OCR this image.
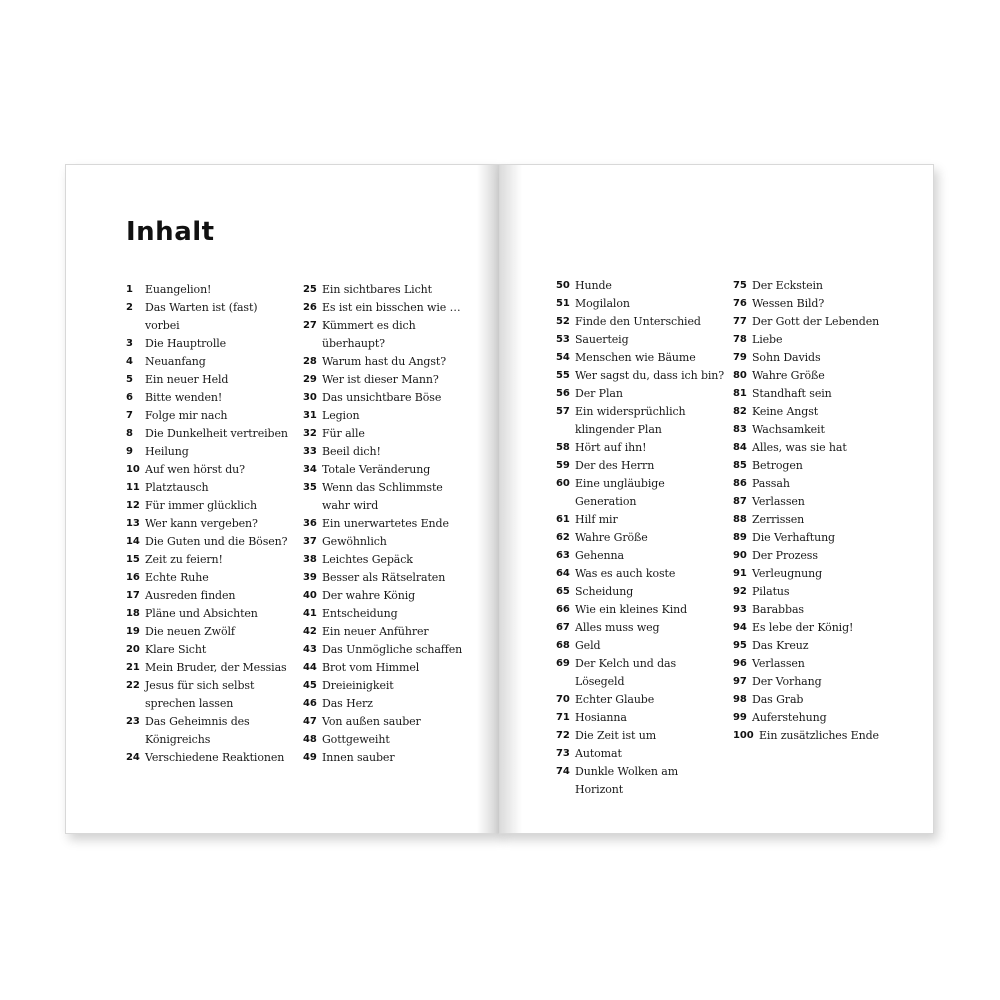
Inhalt
1	Euangelion!
2	Das Warten ist (fast)
vorbei
3	Die Hauptrolle
4	Neuanfang
5	Ein neuer Held
6	Bitte wenden!
7	Folge mir nach
8	Die Dunkelheit vertreiben
9	Heilung
10 Auf wen hörst du?
11 Platztausch
12 Für immer glücklich
13 Wer kann vergeben?
14 Die Guten und die Bösen?
15 Zeit zu feiern!
16 Echte Ruhe
17 Ausreden finden
18 Pläne und Absichten
19 Die neuen Zwölf
20 Klare Sicht
21 Mein Bruder, der Messias
22 Jesus für sich selbst
sprechen lassen
23 Das Geheimnis des
Königreichs
24 Verschiedene Reaktionen
25 Ein sichtbares Licht
26 Es ist ein bisschen wie …
27 Kümmert es dich
überhaupt?
28 Warum hast du Angst?
29 Wer ist dieser Mann?
30 Das unsichtbare Böse
31 Legion
32 Für alle
33 Beeil dich!
34 Totale Veränderung
35 Wenn das Schlimmste
wahr wird
36 Ein unerwartetes Ende
37 Gewöhnlich
38 Leichtes Gepäck
39 Besser als Rätselraten
40 Der wahre König
41 Entscheidung
42 Ein neuer Anführer
43 Das Unmögliche schaffen
44 Brot vom Himmel
45 Dreieinigkeit
46 Das Herz
47 Von außen sauber
48 Gottgeweiht
49 Innen sauber
50 Hunde
51 Mogilalon
52 Finde den Unterschied
53 Sauerteig
54 Menschen wie Bäume
55 Wer sagst du, dass ich bin?
56 Der Plan
57 Ein widersprüchlich
klingender Plan
58 Hört auf ihn!
59 Der des Herrn
60 Eine ungläubige
Generation
61 Hilf mir
62 Wahre Größe
63 Gehenna
64 Was es auch koste
65 Scheidung
66 Wie ein kleines Kind
67 Alles muss weg
68 Geld
69 Der Kelch und das
Lösegeld
70 Echter Glaube
71 Hosianna
72 Die Zeit ist um
73 Automat
74 Dunkle Wolken am
Horizont
75 Der Eckstein
76 Wessen Bild?
77 Der Gott der Lebenden
78 Liebe
79 Sohn Davids
80 Wahre Größe
81 Standhaft sein
82 Keine Angst
83 Wachsamkeit
84 Alles, was sie hat
85 Betrogen
86 Passah
87 Verlassen
88 Zerrissen
89 Die Verhaftung
90 Der Prozess
91 Verleugnung
92 Pilatus
93 Barabbas
94 Es lebe der König!
95 Das Kreuz
96 Verlassen
97 Der Vorhang
98 Das Grab
99 Auferstehung
100 Ein zusätzliches Ende
